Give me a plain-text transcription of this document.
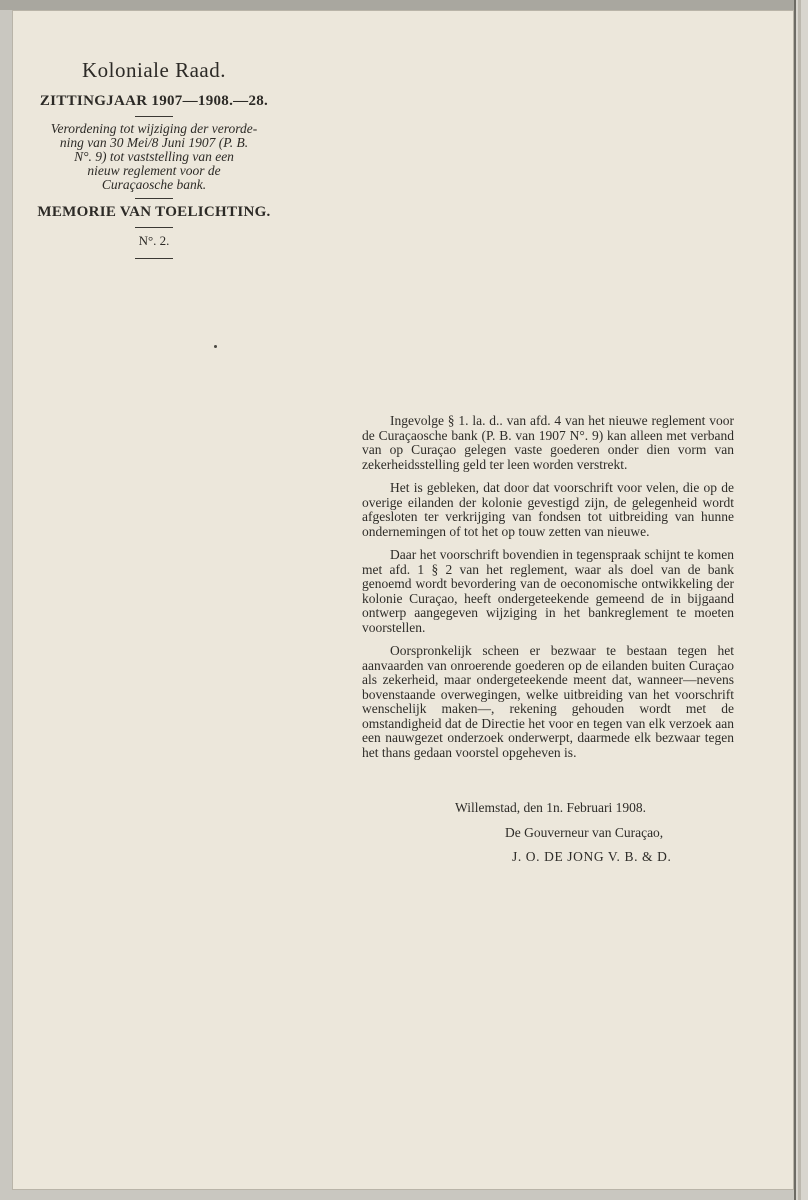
Koloniale Raad.
ZITTINGJAAR 1907—1908.—28.
Verordening tot wijziging der verorde-
ning van 30 Mei/8 Juni 1907 (P. B.
N°. 9) tot vaststelling van een
nieuw reglement voor de
Curaçaosche bank.
MEMORIE VAN TOELICHTING.
N°. 2.

Ingevolge § 1. la. d.. van afd. 4 van het nieuwe reglement voor de Curaçaosche bank (P. B. van 1907 N°. 9) kan alleen met verband van op Curaçao gelegen vaste goederen onder dien vorm van zekerheidsstelling geld ter leen worden verstrekt.

Het is gebleken, dat door dat voorschrift voor velen, die op de overige eilanden der kolonie gevestigd zijn, de gelegenheid wordt afgesloten ter verkrijging van fondsen tot uitbreiding van hunne ondernemingen of tot het op touw zetten van nieuwe.

Daar het voorschrift bovendien in tegenspraak schijnt te komen met afd. 1 § 2 van het reglement, waar als doel van de bank genoemd wordt bevordering van de oeconomische ontwikkeling der kolonie Curaçao, heeft ondergeteekende gemeend de in bijgaand ontwerp aangegeven wijziging in het bankreglement te moeten voorstellen.

Oorspronkelijk scheen er bezwaar te bestaan tegen het aanvaarden van onroerende goederen op de eilanden buiten Curaçao als zekerheid, maar ondergeteekende meent dat, wanneer—nevens bovenstaande overwegingen, welke uitbreiding van het voorschrift wenschelijk maken—, rekening gehouden wordt met de omstandigheid dat de Directie het voor en tegen van elk verzoek aan een nauwgezet onderzoek onderwerpt, daarmede elk bezwaar tegen het thans gedaan voorstel opgeheven is.

Willemstad, den 1n. Februari 1908.
De Gouverneur van Curaçao,
J. O. DE JONG V. B. & D.
